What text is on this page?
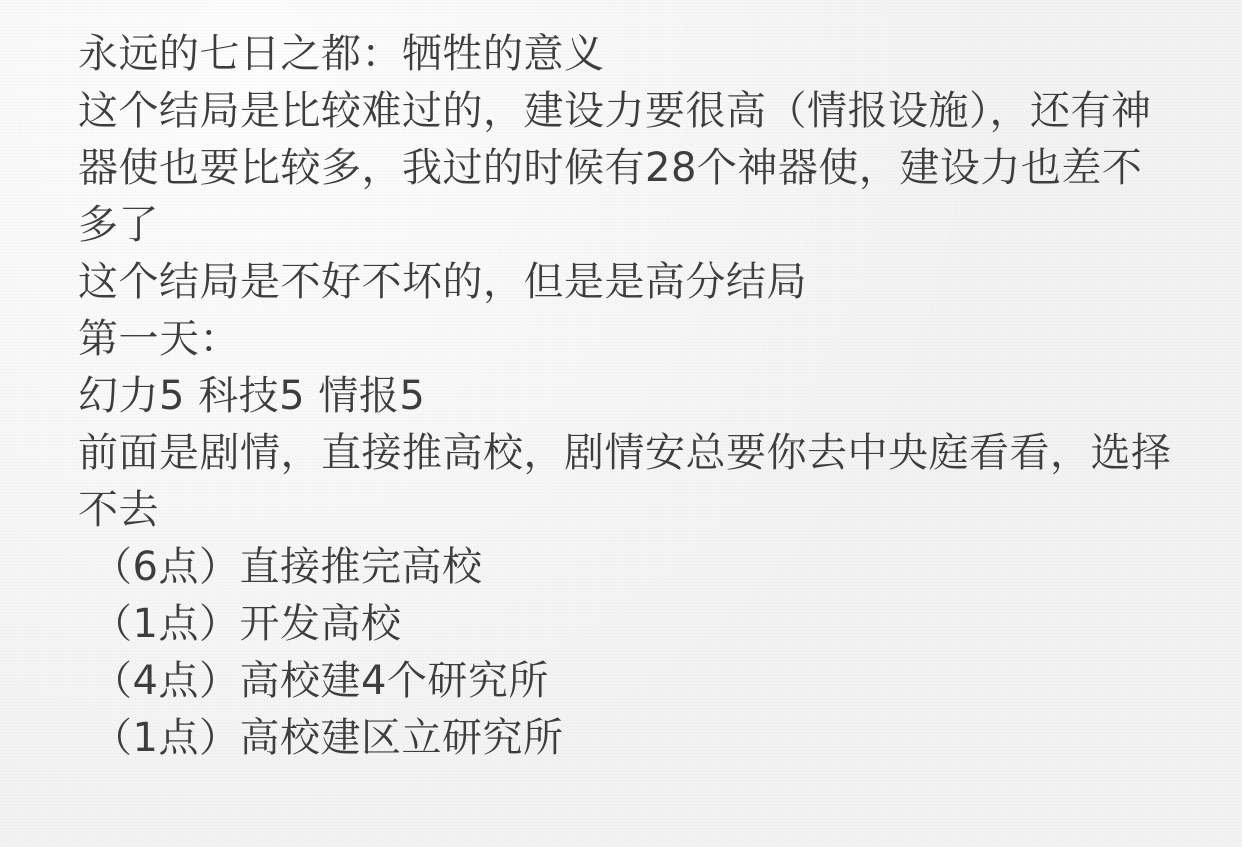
永远的七日之都：牺牲的意义
这个结局是比较难过的，建设力要很高（情报设施），还有神器使也要比较多，我过的时候有28个神器使，建设力也差不多了
这个结局是不好不坏的，但是是高分结局
第一天：
幻力5 科技5 情报5
前面是剧情，直接推高校，剧情安总要你去中央庭看看，选择不去
（6点）直接推完高校
（1点）开发高校
（4点）高校建4个研究所
（1点）高校建区立研究所
